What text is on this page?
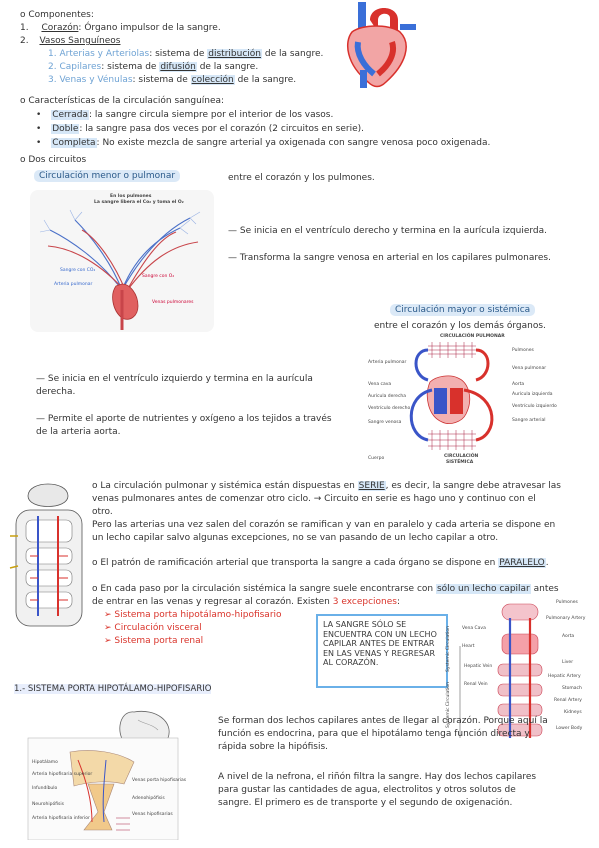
o Componentes:
1. Corazón: Órgano impulsor de la sangre.
2. Vasos Sanguíneos
1. Arterias y Arteriolas: sistema de distribución de la sangre.
2. Capilares: sistema de difusión de la sangre.
3. Venas y Vénulas: sistema de colección de la sangre.
o Características de la circulación sanguínea:
• Cerrada: la sangre circula siempre por el interior de los vasos.
• Doble: la sangre pasa dos veces por el corazón (2 circuitos en serie).
• Completa: No existe mezcla de sangre arterial ya oxigenada con sangre venosa poco oxigenada.
o Dos circuitos
Circulación menor o pulmonar	entre el corazón y los pulmones.
En los pulmones
La sangre libera el Co₂ y toma el O₂
Sangre con CO₂
Sangre con O₂
Arteria pulmonar
Venas pulmonares
— Se inicia en el ventrículo derecho y termina en la aurícula izquierda.
— Transforma la sangre venosa en arterial en los capilares pulmonares.
Circulación mayor o sistémica
entre el corazón y los demás órganos.
CIRCULACIÓN PULMONAR
Arteria pulmonar
Vena cava
Aurícula derecha
Ventrículo derecho
Sangre venosa
Cuerpo
Pulmones
Vena pulmonar
Aorta
Aurícula izquierda
Ventrículo izquierdo
Sangre arterial
CIRCULACIÓN
SISTÉMICA
— Se inicia en el ventrículo izquierdo y termina en la aurícula
derecha.
— Permite el aporte de nutrientes y oxígeno a los tejidos a través
de la arteria aorta.
o La circulación pulmonar y sistémica están dispuestas en SERIE, es decir, la sangre debe atravesar las
venas pulmonares antes de comenzar otro ciclo. → Circuito en serie es hago uno y continuo con el
otro.
Pero las arterias una vez salen del corazón se ramifican y van en paralelo y cada arteria se dispone en
un lecho capilar salvo algunas excepciones, no se van pasando de un lecho capilar a otro.
o El patrón de ramificación arterial que transporta la sangre a cada órgano se dispone en PARALELO.
o En cada paso por la circulación sistémica la sangre suele encontrarse con sólo un lecho capilar antes
de entrar en las venas y regresar al corazón. Existen 3 excepciones:
➢ Sistema porta hipotálamo-hipofisario
➢ Circulación visceral
➢ Sistema porta renal
LA SANGRE SÓLO SE ENCUENTRA CON UN LECHO CAPILAR ANTES DE ENTRAR EN LAS VENAS Y REGRESAR AL CORAZÓN.
Pulmones
Pulmonary Artery
Vena Cava
Aorta
Heart
Liver
Hepatic Vein
Hepatic Artery
Renal Vein
Stomach
Renal Artery
Kidneys
Lower Body
Systemic Circulation
Systemic Circulation
1.- SISTEMA PORTA HIPOTÁLAMO-HIPOFISARIO
Hipotálamo
Arteria hipofisaria superior
Infundíbulo
Venas porta hipofisarias
Neurohipófisis
Adenohipófisis
Arteria hipofisaria inferior
Venas hipofisarias
Se forman dos lechos capilares antes de llegar al corazón. Porque aquí la
función es endocrina, para que el hipotálamo tenga función directa y
rápida sobre la hipófisis.
A nivel de la nefrona, el riñón filtra la sangre. Hay dos lechos capilares
para gustar las cantidades de agua, electrolitos y otros solutos de
sangre. El primero es de transporte y el segundo de oxigenación.
